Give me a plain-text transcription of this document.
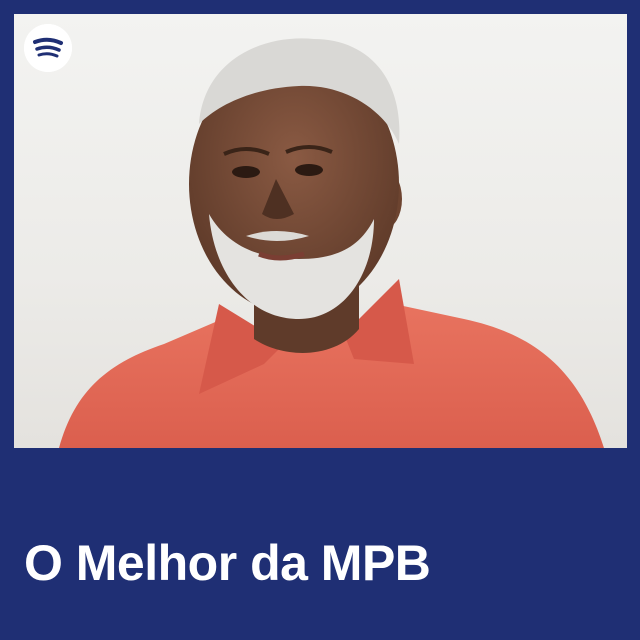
O Melhor da MPB
